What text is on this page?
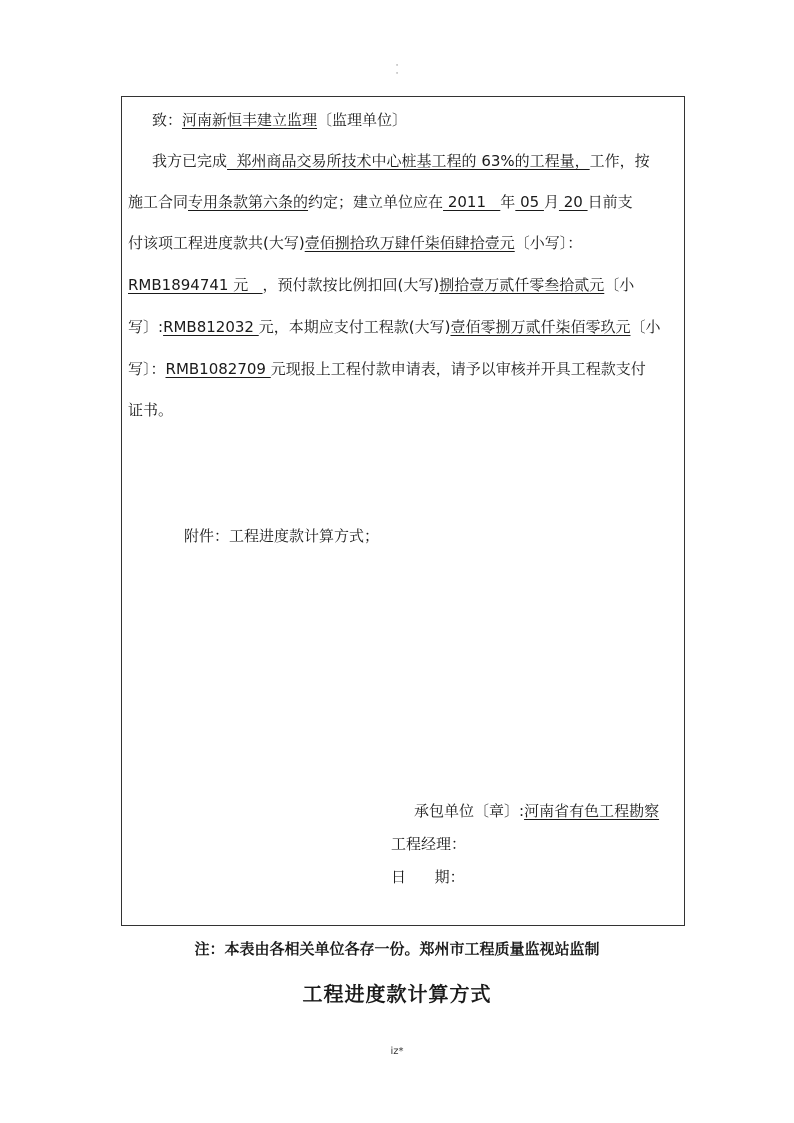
·
·
致：河南新恒丰建立监理〔监理单位〕
我方已完成  郑州商品交易所技术中心桩基工程的 63%的工程量，工作，按
施工合同专用条款第六条的约定；建立单位应在 2011   年 05 月 20 日前支
付该项工程进度款共(大写)壹佰捌拾玖万肆仟柒佰肆拾壹元〔小写〕：
RMB1894741 元   ，预付款按比例扣回(大写)捌拾壹万贰仟零叁拾贰元〔小
写〕:RMB812032 元，本期应支付工程款(大写)壹佰零捌万贰仟柒佰零玖元〔小
写〕：RMB1082709 元现报上工程付款申请表，请予以审核并开具工程款支付
证书。
附件：工程进度款计算方式；
承包单位〔章〕:河南省有色工程勘察
工程经理：
日      期：
注：本表由各相关单位各存一份。郑州市工程质量监视站监制
工程进度款计算方式
iz*
